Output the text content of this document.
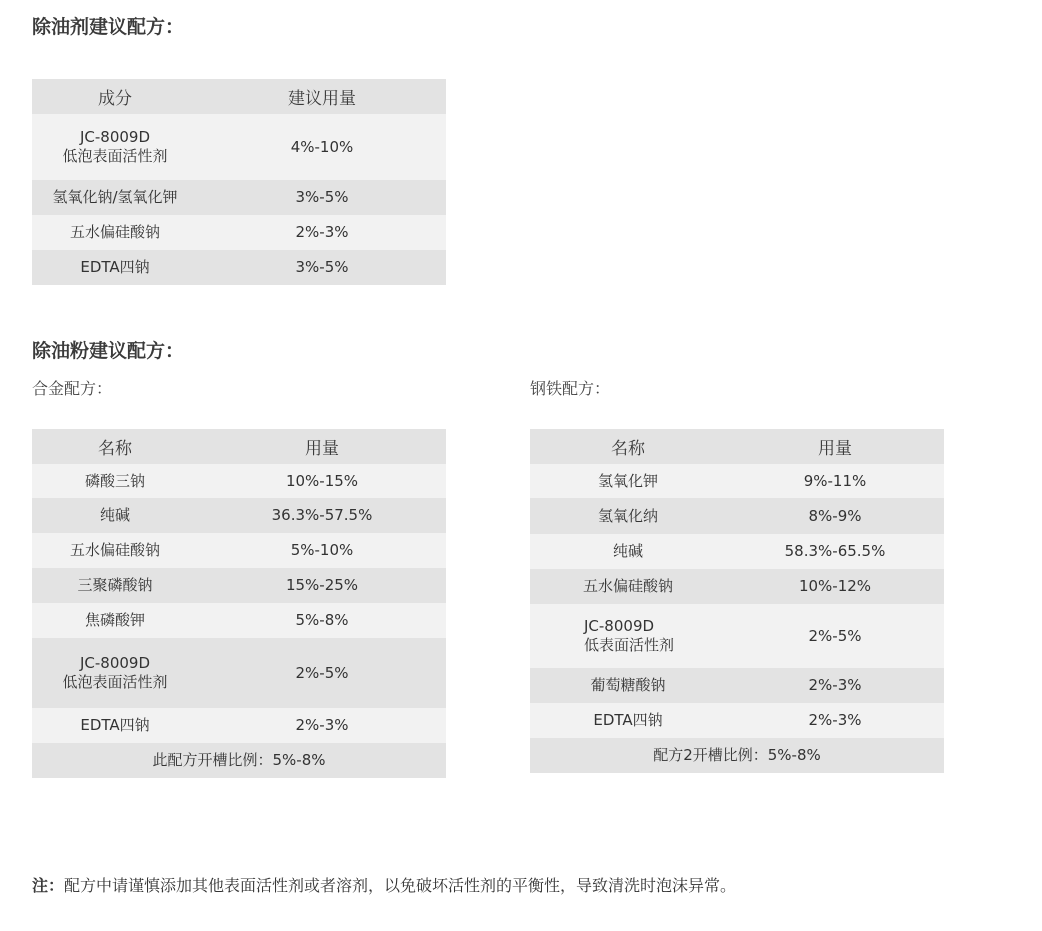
除油剂建议配方：
成分	建议用量

JC-8009D
低泡表面活性剂	4%-10%
氢氧化钠/氢氧化钾	3%-5%
五水偏硅酸钠	2%-3%
EDTA四钠	3%-5%
除油粉建议配方：

合金配方：	钢铁配方：

名称	用量
磷酸三钠	10%-15%
纯碱	36.3%-57.5%
五水偏硅酸钠	5%-10%
三聚磷酸钠	15%-25%
焦磷酸钾	5%-8%

JC-8009D
低泡表面活性剂	2%-5%
EDTA四钠	2%-3%
此配方开槽比例：5%-8%	
名称	用量
氢氧化钾	9%-11%
氢氧化纳	8%-9%
纯碱	58.3%-65.5%
五水偏硅酸钠	10%-12%

JC-8009D
低表面活性剂	2%-5%
葡萄糖酸钠	2%-3%
EDTA四钠	2%-3%
配方2开槽比例：5%-8%	

注：配方中请谨慎添加其他表面活性剂或者溶剂，以免破坏活性剂的平衡性，导致清洗时泡沫异常。
